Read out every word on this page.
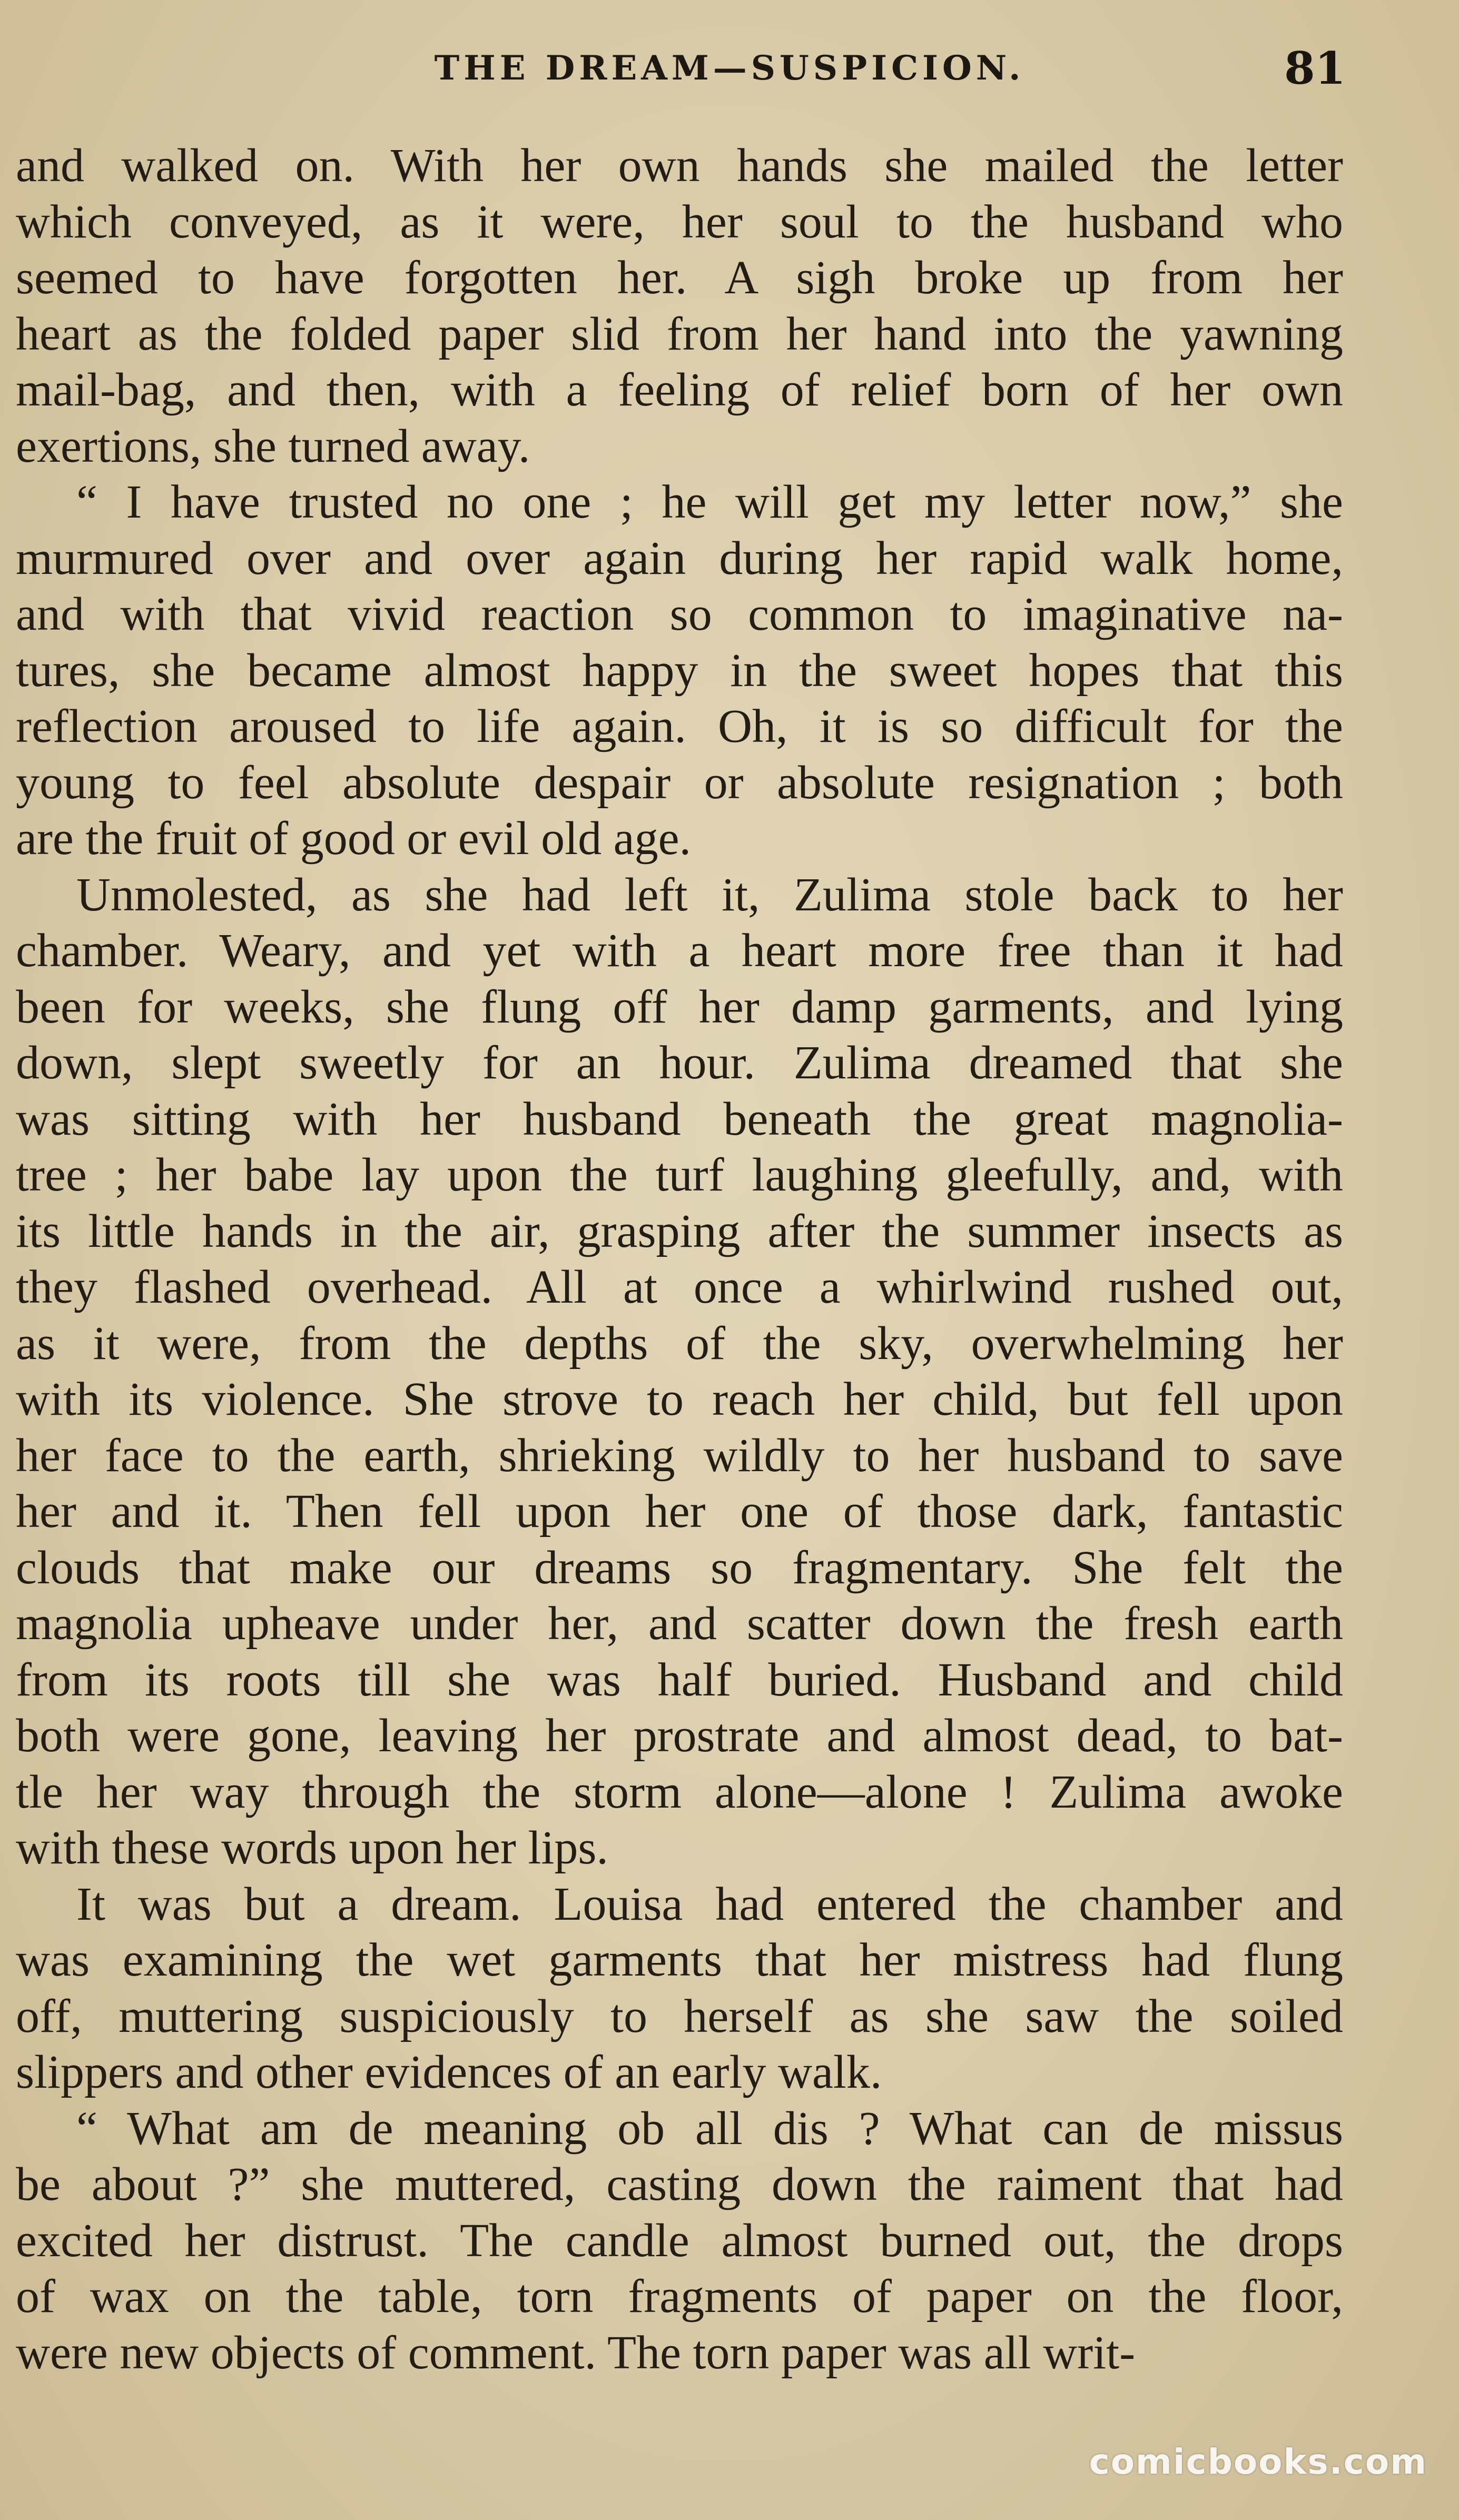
THE DREAM—SUSPICION.	81

and walked on. With her own hands she mailed the letter
which conveyed, as it were, her soul to the husband who
seemed to have forgotten her. A sigh broke up from her
heart as the folded paper slid from her hand into the yawning
mail-bag, and then, with a feeling of relief born of her own
exertions, she turned away.

“ I have trusted no one ; he will get my letter now,” she
murmured over and over again during her rapid walk home,
and with that vivid reaction so common to imaginative na-
tures, she became almost happy in the sweet hopes that this
reflection aroused to life again. Oh, it is so difficult for the
young to feel absolute despair or absolute resignation ; both
are the fruit of good or evil old age.

Unmolested, as she had left it, Zulima stole back to her
chamber. Weary, and yet with a heart more free than it had
been for weeks, she flung off her damp garments, and lying
down, slept sweetly for an hour. Zulima dreamed that she
was sitting with her husband beneath the great magnolia-
tree ; her babe lay upon the turf laughing gleefully, and, with
its little hands in the air, grasping after the summer insects as
they flashed overhead. All at once a whirlwind rushed out,
as it were, from the depths of the sky, overwhelming her
with its violence. She strove to reach her child, but fell upon
her face to the earth, shrieking wildly to her husband to save
her and it. Then fell upon her one of those dark, fantastic
clouds that make our dreams so fragmentary. She felt the
magnolia upheave under her, and scatter down the fresh earth
from its roots till she was half buried. Husband and child
both were gone, leaving her prostrate and almost dead, to bat-
tle her way through the storm alone—alone ! Zulima awoke
with these words upon her lips.

It was but a dream. Louisa had entered the chamber and
was examining the wet garments that her mistress had flung
off, muttering suspiciously to herself as she saw the soiled
slippers and other evidences of an early walk.

“ What am de meaning ob all dis ? What can de missus
be about ?” she muttered, casting down the raiment that had
excited her distrust. The candle almost burned out, the drops
of wax on the table, torn fragments of paper on the floor,
were new objects of comment. The torn paper was all writ-

comicbooks.com
